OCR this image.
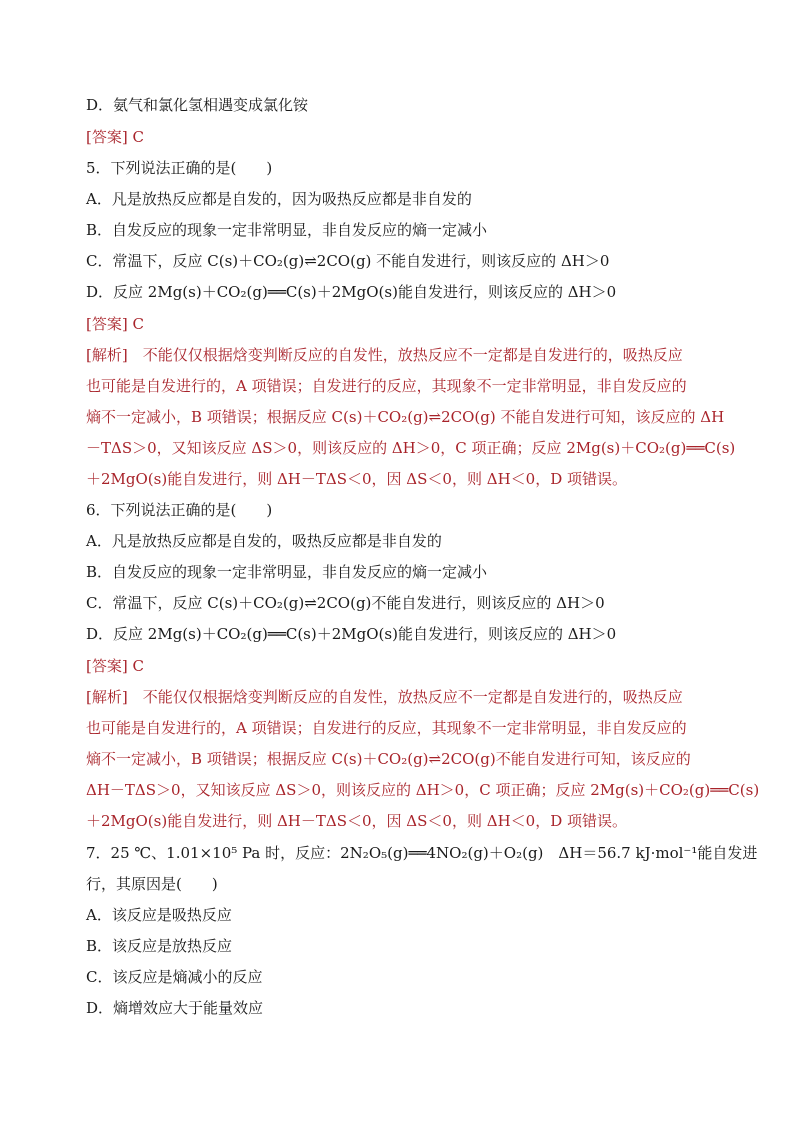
D．氨气和氯化氢相遇变成氯化铵
[答案] C
5．下列说法正确的是(　　)
A．凡是放热反应都是自发的，因为吸热反应都是非自发的
B．自发反应的现象一定非常明显，非自发反应的熵一定减小
C．常温下，反应 C(s)＋CO₂(g)⇌2CO(g) 不能自发进行，则该反应的 ΔH＞0
D．反应 2Mg(s)＋CO₂(g)══C(s)＋2MgO(s)能自发进行，则该反应的 ΔH＞0
[答案] C
[解析]　不能仅仅根据焓变判断反应的自发性，放热反应不一定都是自发进行的，吸热反应
也可能是自发进行的，A 项错误；自发进行的反应，其现象不一定非常明显，非自发反应的
熵不一定减小，B 项错误；根据反应 C(s)＋CO₂(g)⇌2CO(g) 不能自发进行可知，该反应的 ΔH
－TΔS＞0，又知该反应 ΔS＞0，则该反应的 ΔH＞0，C 项正确；反应 2Mg(s)＋CO₂(g)══C(s)
＋2MgO(s)能自发进行，则 ΔH－TΔS＜0，因 ΔS＜0，则 ΔH＜0，D 项错误。
6．下列说法正确的是(　　)
A．凡是放热反应都是自发的，吸热反应都是非自发的
B．自发反应的现象一定非常明显，非自发反应的熵一定减小
C．常温下，反应 C(s)＋CO₂(g)⇌2CO(g)不能自发进行，则该反应的 ΔH＞0
D．反应 2Mg(s)＋CO₂(g)══C(s)＋2MgO(s)能自发进行，则该反应的 ΔH＞0
[答案] C
[解析]　不能仅仅根据焓变判断反应的自发性，放热反应不一定都是自发进行的，吸热反应
也可能是自发进行的，A 项错误；自发进行的反应，其现象不一定非常明显，非自发反应的
熵不一定减小，B 项错误；根据反应 C(s)＋CO₂(g)⇌2CO(g)不能自发进行可知，该反应的
ΔH－TΔS＞0，又知该反应 ΔS＞0，则该反应的 ΔH＞0，C 项正确；反应 2Mg(s)＋CO₂(g)══C(s)
＋2MgO(s)能自发进行，则 ΔH－TΔS＜0，因 ΔS＜0，则 ΔH＜0，D 项错误。
7．25 ℃、1.01×10⁵ Pa 时，反应：2N₂O₅(g)══4NO₂(g)＋O₂(g)　ΔH＝56.7 kJ·mol⁻¹能自发进
行，其原因是(　　)
A．该反应是吸热反应
B．该反应是放热反应
C．该反应是熵减小的反应
D．熵增效应大于能量效应
